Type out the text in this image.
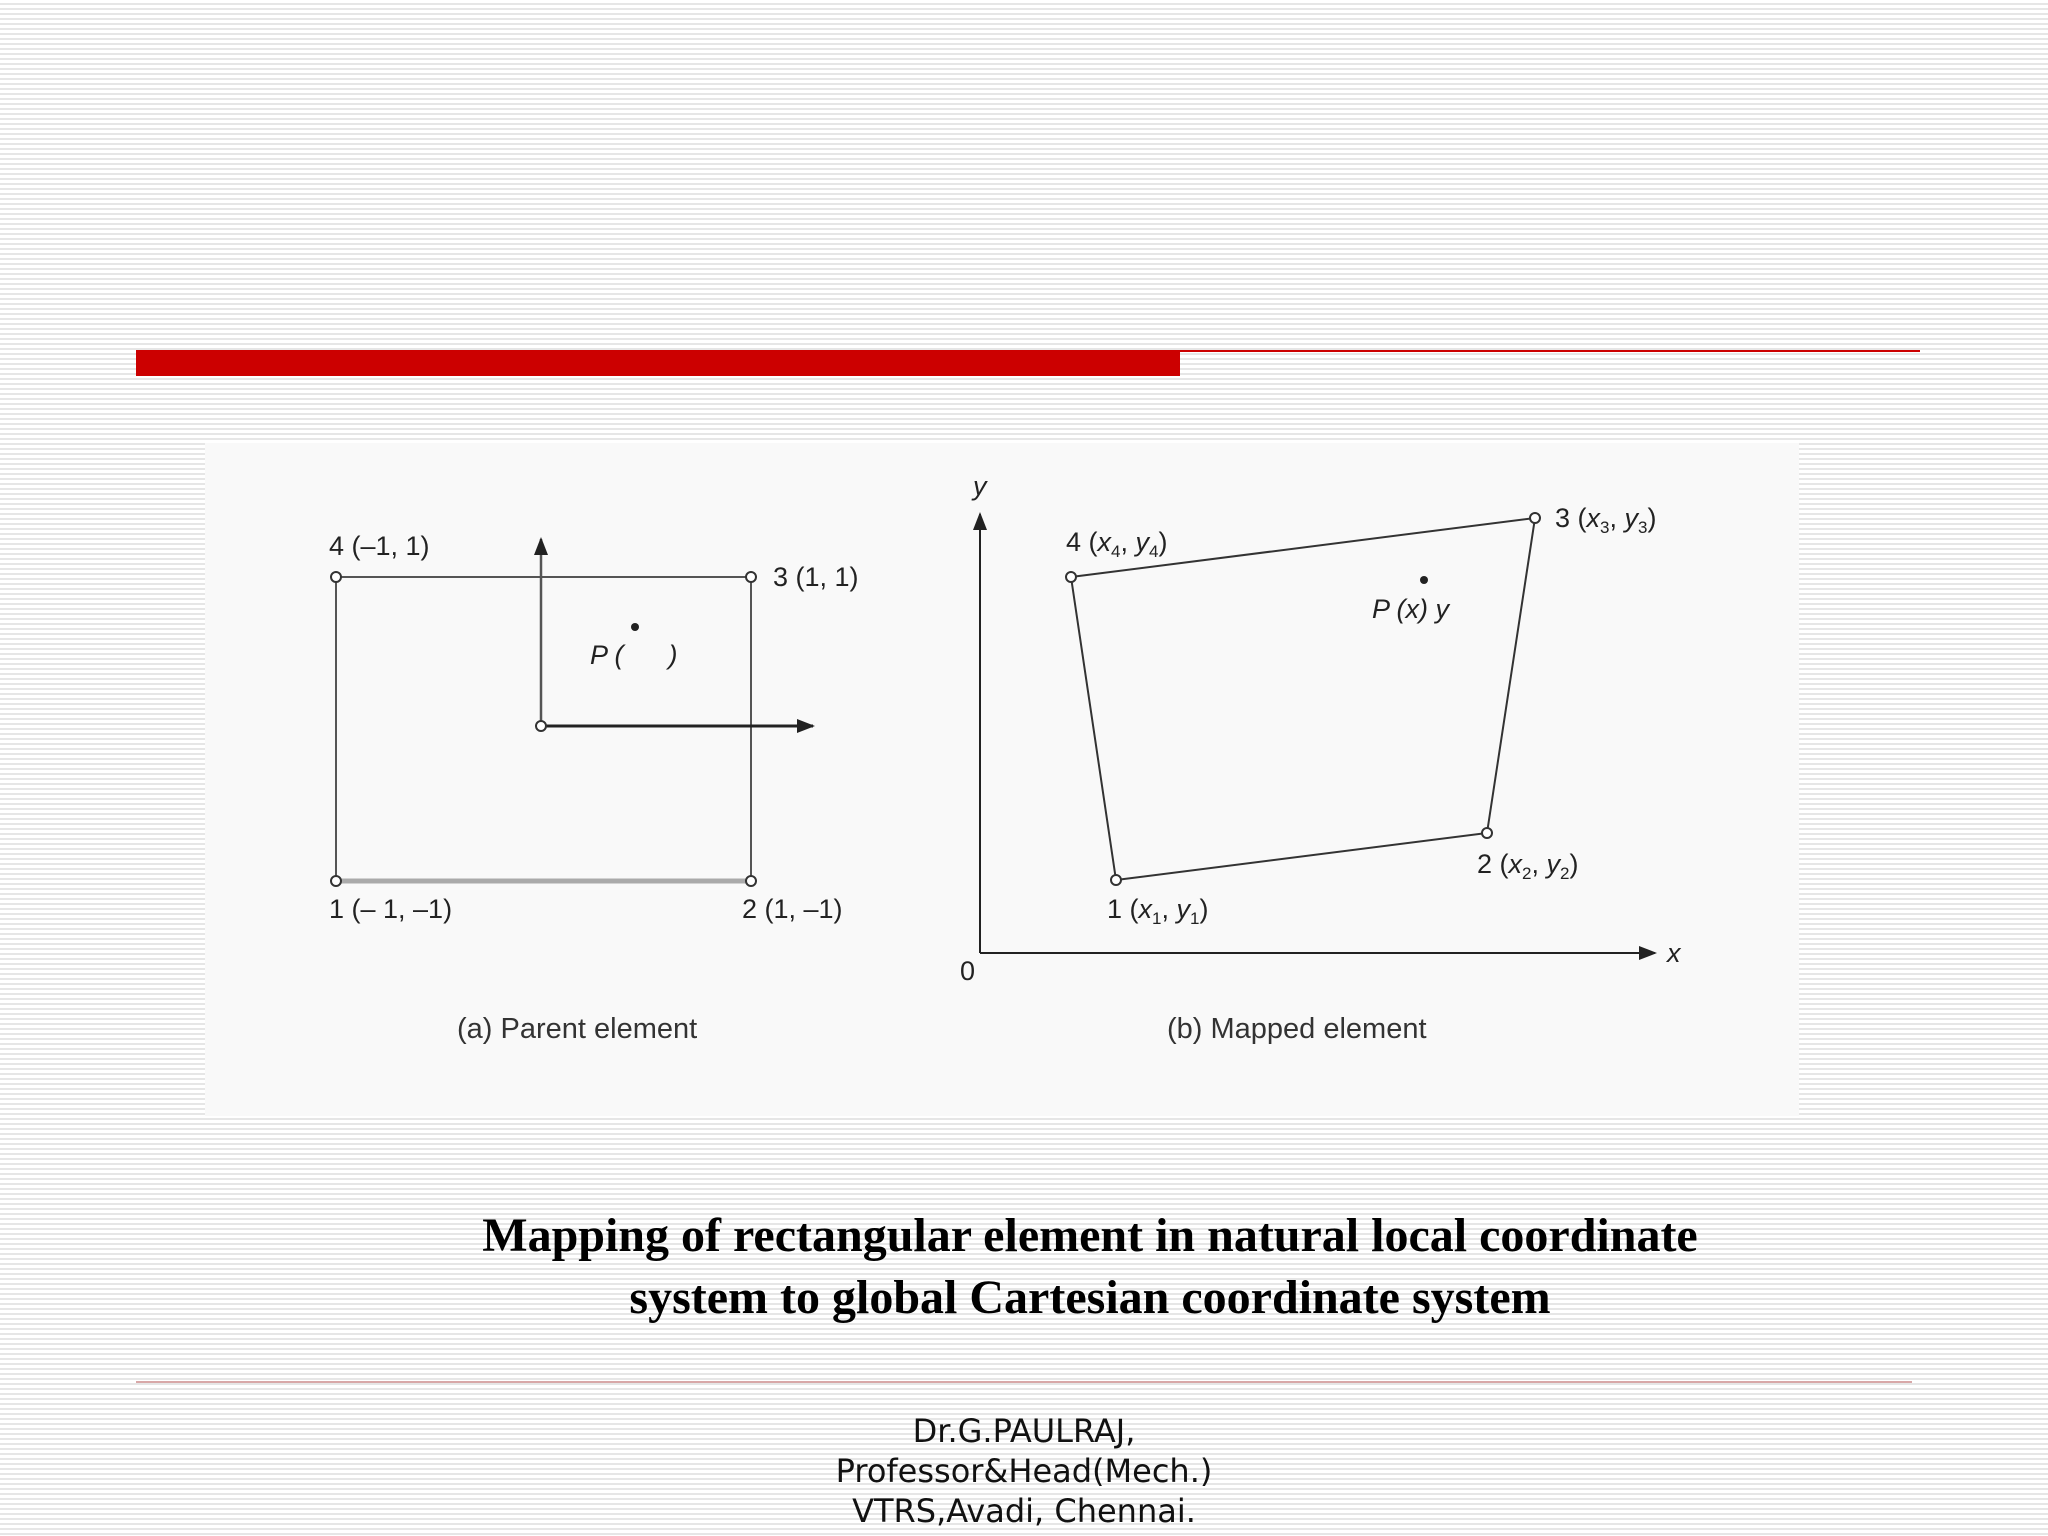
1 (– 1, –1)	2 (1, –1)
3 (1, 1)
4 (–1, 1)
P (      )
(a) Parent element
y
x
0
1 ($x_1$, $y_1$)
2 ($x_2$, $y_2$)
3 ($x_3$, $y_3$)
4 ($x_4$, $y_4$)
P (x) y
(b) Mapped element
Mapping of rectangular element in natural local coordinate
system to global Cartesian coordinate system
Dr.G.PAULRAJ,
Professor&Head(Mech.)
VTRS,Avadi, Chennai.
